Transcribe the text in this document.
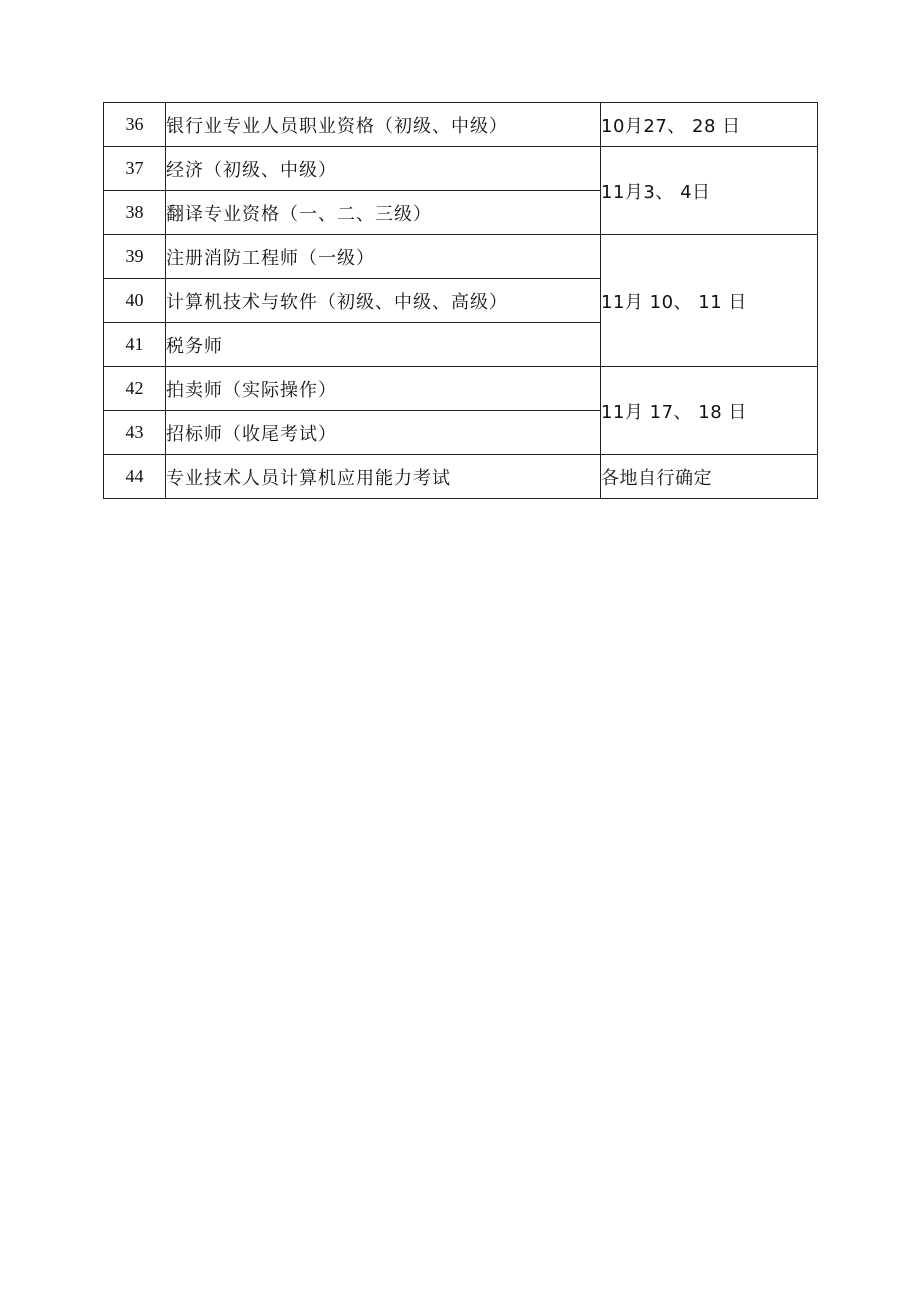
36	银行业专业人员职业资格（初级、中级）	10月27、 28 日
37	经济（初级、中级）	11月3、 4日
38	翻译专业资格（一、二、三级）	
39	注册消防工程师（一级）	11月 10、 11 日
40	计算机技术与软件（初级、中级、高级）	
41	税务师	
42	拍卖师（实际操作）	11月 17、 18 日
43	招标师（收尾考试）	
44	专业技术人员计算机应用能力考试	各地自行确定
